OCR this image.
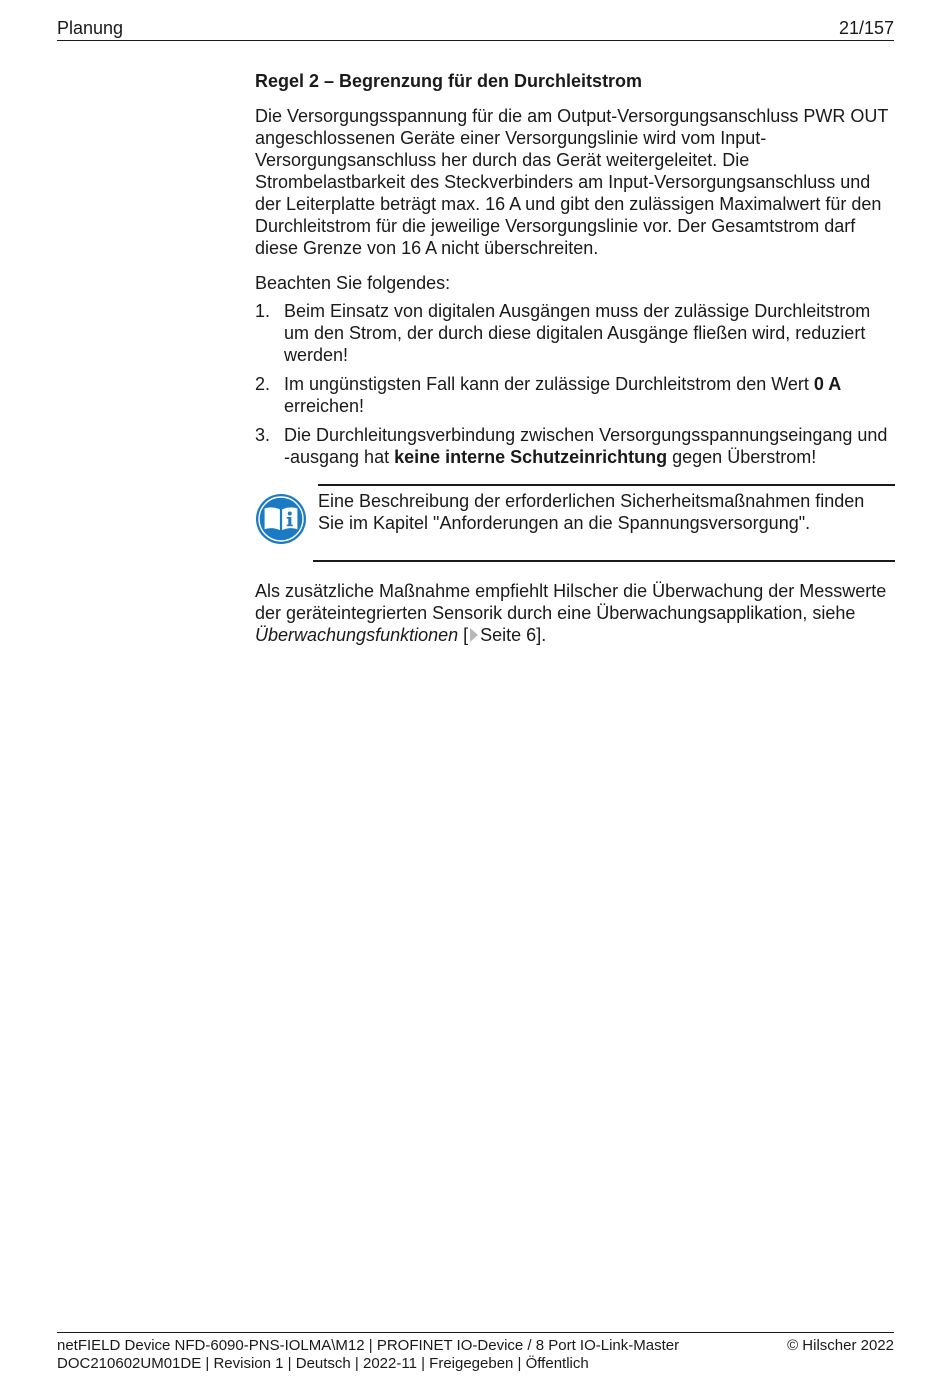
Planung	21/157
Regel 2 – Begrenzung für den Durchleitstrom
Die Versorgungsspannung für die am Output-Versorgungsanschluss PWR OUT angeschlossenen Geräte einer Versorgungslinie wird vom Input-Versorgungsanschluss her durch das Gerät weitergeleitet. Die Strombelastbarkeit des Steckverbinders am Input-Versorgungsanschluss und der Leiterplatte beträgt max. 16 A und gibt den zulässigen Maximalwert für den Durchleitstrom für die jeweilige Versorgungslinie vor. Der Gesamtstrom darf diese Grenze von 16 A nicht überschreiten.
Beachten Sie folgendes:
1. Beim Einsatz von digitalen Ausgängen muss der zulässige Durchleitstrom um den Strom, der durch diese digitalen Ausgänge fließen wird, reduziert werden!
2. Im ungünstigsten Fall kann der zulässige Durchleitstrom den Wert 0 A erreichen!
3. Die Durchleitungsverbindung zwischen Versorgungsspannungseingang und -ausgang hat keine interne Schutzeinrichtung gegen Überstrom!
Eine Beschreibung der erforderlichen Sicherheitsmaßnahmen finden Sie im Kapitel "Anforderungen an die Spannungsversorgung".
Als zusätzliche Maßnahme empfiehlt Hilscher die Überwachung der Messwerte der geräteintegrierten Sensorik durch eine Überwachungsapplikation, siehe Überwachungsfunktionen [ Seite 6].
netFIELD Device NFD-6090-PNS-IOLMA\M12 | PROFINET IO-Device / 8 Port IO-Link-Master
DOC210602UM01DE | Revision 1 | Deutsch | 2022-11 | Freigegeben | Öffentlich
© Hilscher 2022
